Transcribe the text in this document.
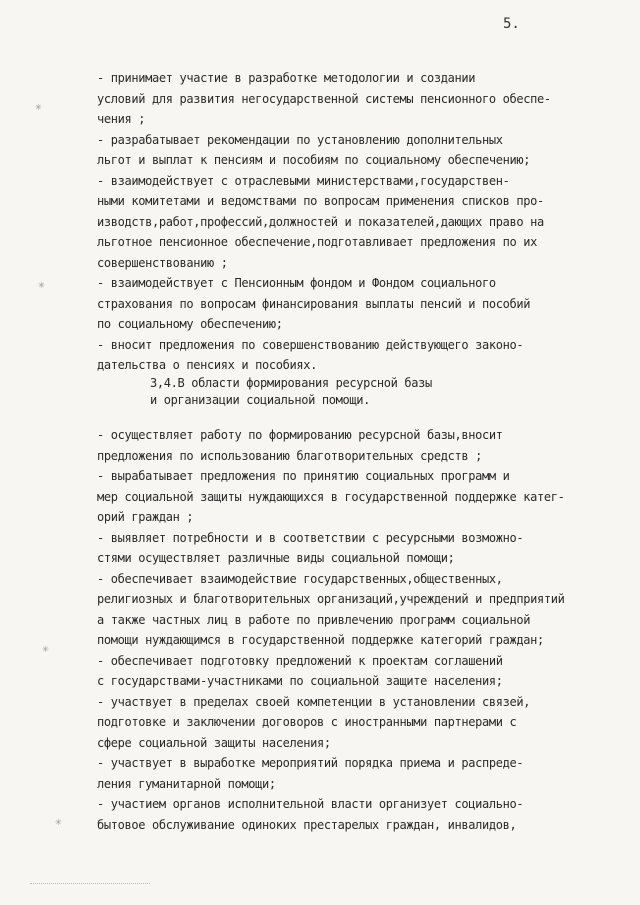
5.
✳
✳
✳
✳
- принимает участие в разработке методологии и создании
условий для развития негосударственной системы пенсионного обеспе-
чения ;
- разрабатывает рекомендации по установлению дополнительных
льгот и выплат к пенсиям и пособиям по социальному обеспечению;
- взаимодействует с отраслевыми министерствами,государствен-
ными комитетами и ведомствами по вопросам применения списков про-
изводств,работ,профессий,должностей и показателей,дающих право на
льготное пенсионное обеспечение,подготавливает предложения по их
совершенствованию ;
- взаимодействует с Пенсионным фондом и Фондом социального
страхования по вопросам финансирования выплаты пенсий и пособий
по социальному обеспечению;
- вносит предложения по совершенствованию действующего законо-
дательства о пенсиях и пособиях.
3,4.В области формирования ресурсной базы
и организации социальной помощи.
- осуществляет работу по формированию ресурсной базы,вносит
предложения по использованию благотворительных средств ;
- вырабатывает предложения по принятию социальных программ и
мер социальной защиты нуждающихся в государственной поддержке катег-
орий граждан ;
- выявляет потребности и в соответствии с ресурсными возможно-
стями осуществляет различные виды социальной помощи;
- обеспечивает взаимодействие государственных,общественных,
религиозных и благотворительных организаций,учреждений и предприятий
а также частных лиц в работе по привлечению программ социальной
помощи нуждающимся в государственной поддержке категорий граждан;
- обеспечивает подготовку предложений к проектам соглашений
с государствами-участниками по социальной защите населения;
- участвует в пределах своей компетенции в установлении связей,
подготовке и заключении договоров с иностранными партнерами с
сфере социальной защиты населения;
- участвует в выработке мероприятий порядка приема и распреде-
ления гуманитарной помощи;
- участием органов исполнительной власти организует социально-
бытовое обслуживание одиноких престарелых граждан, инвалидов,
